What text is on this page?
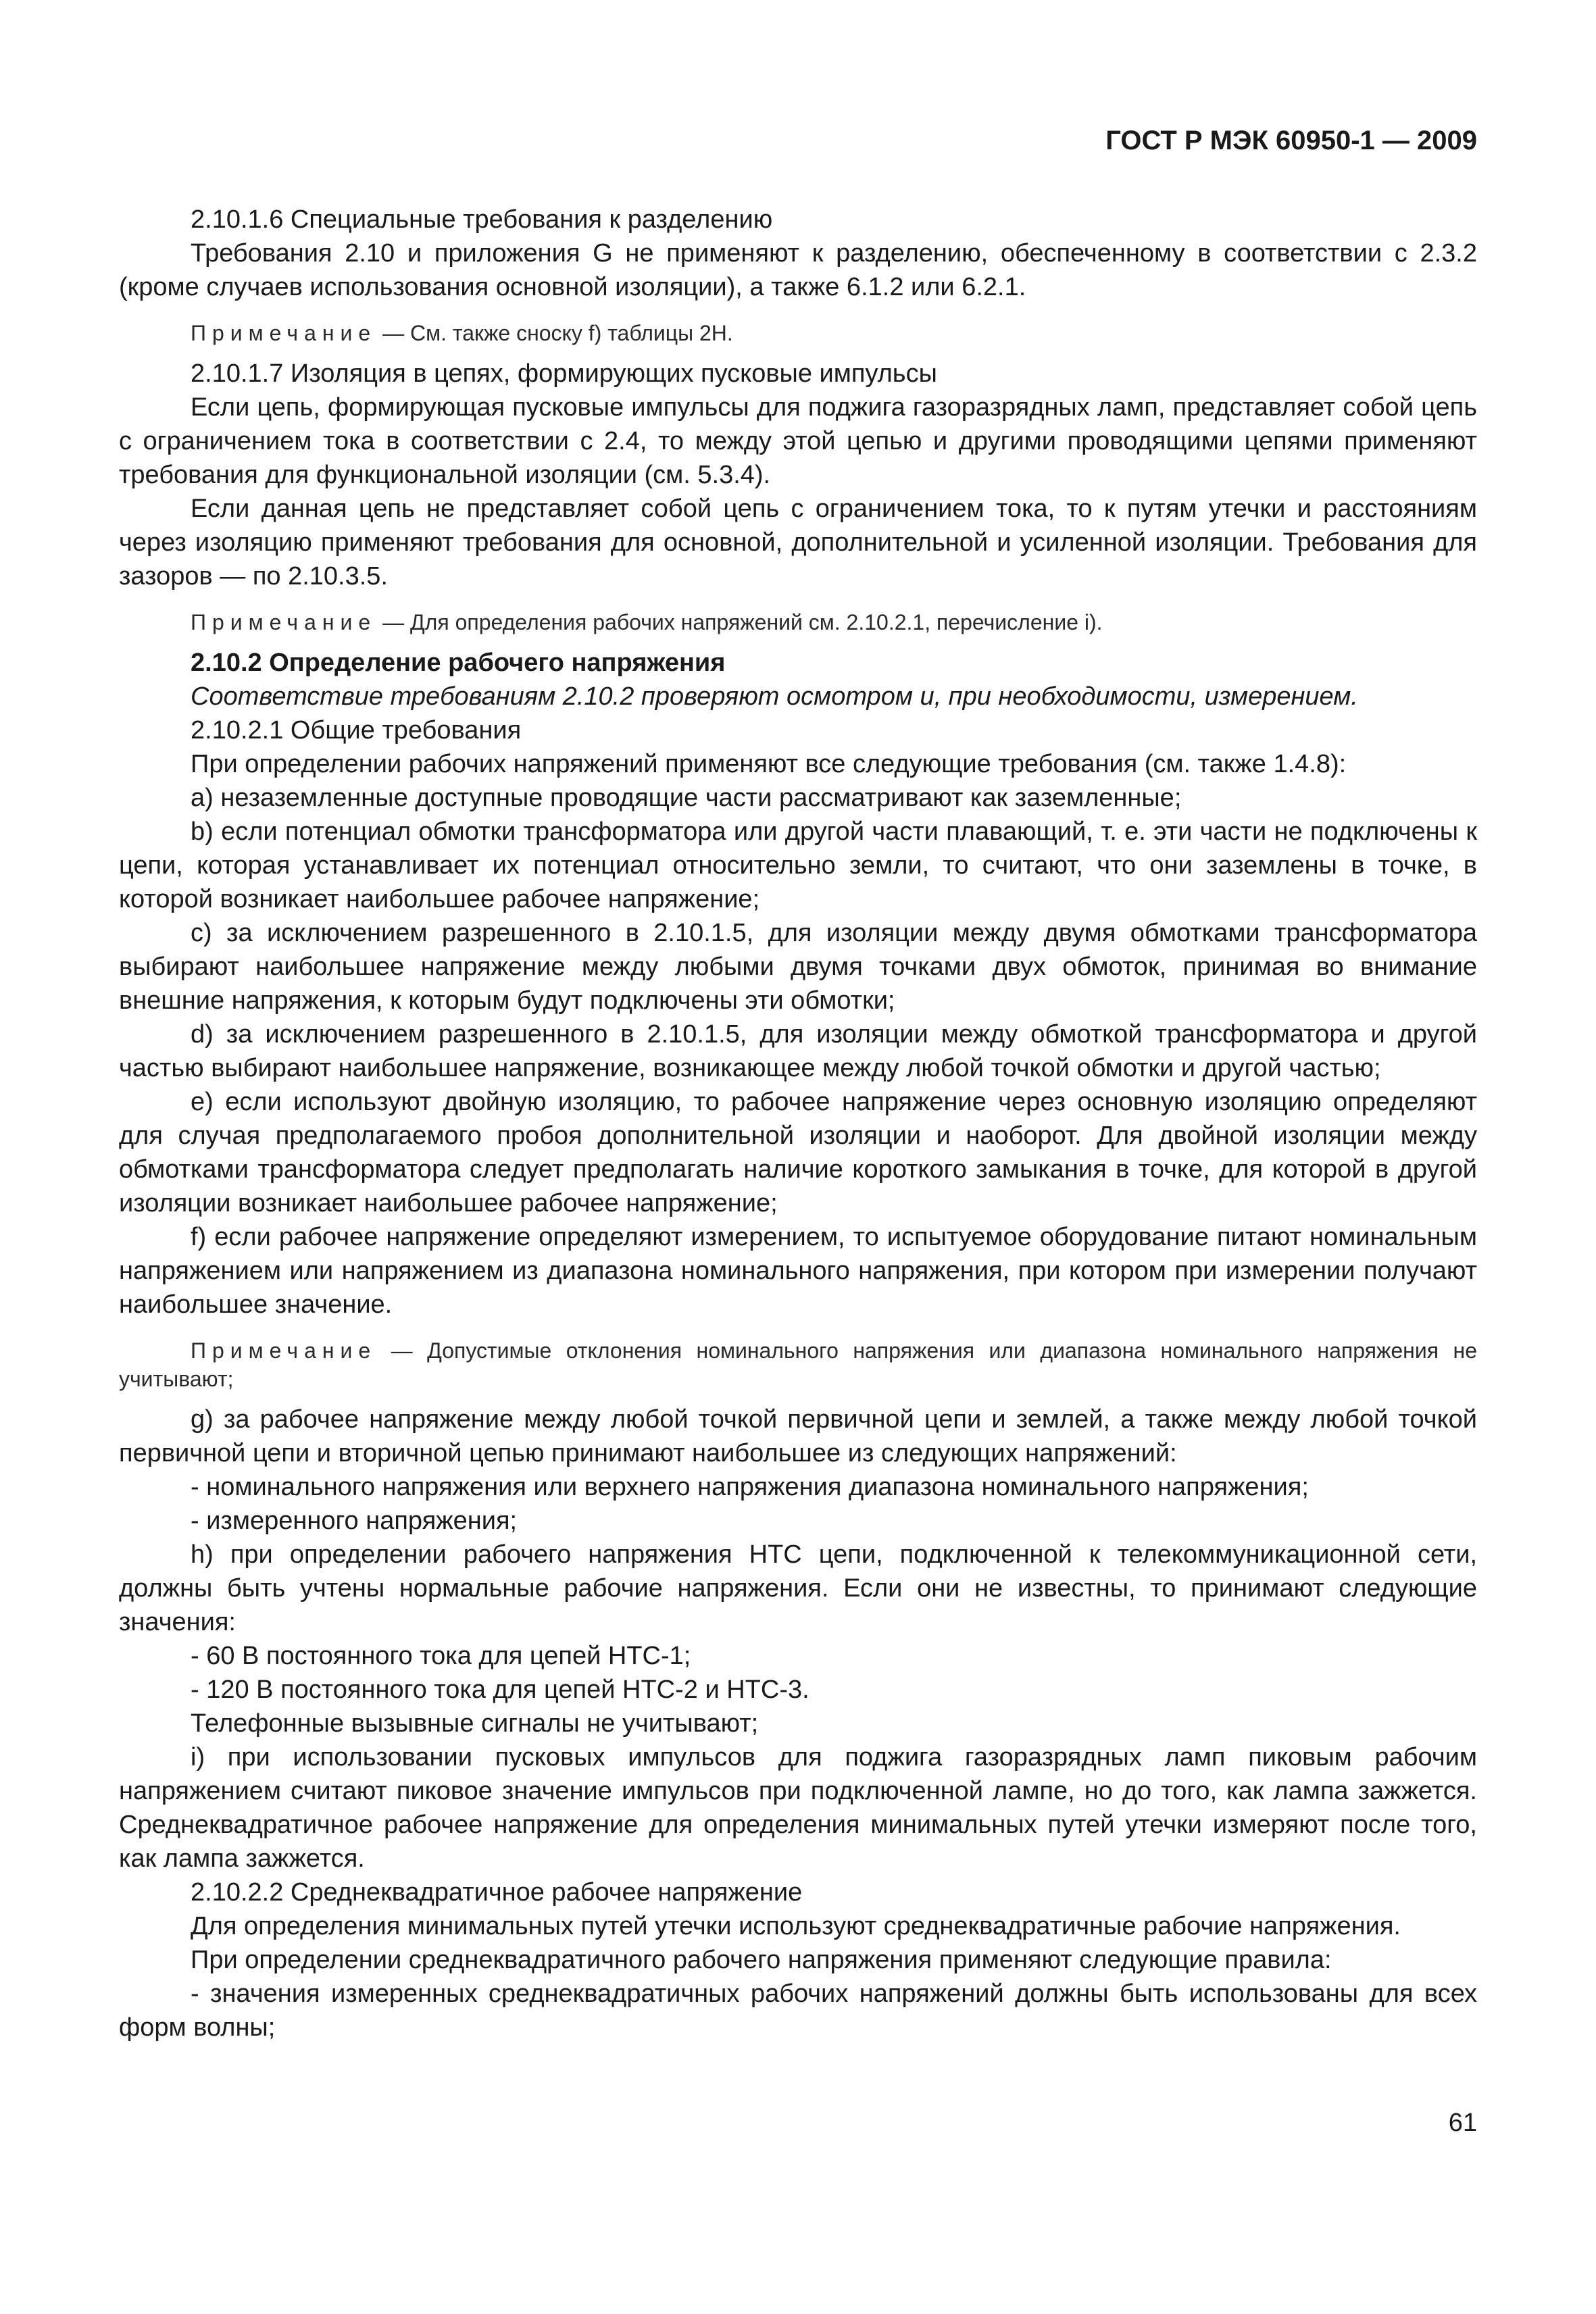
ГОСТ Р МЭК 60950-1 — 2009

2.10.1.6 Специальные требования к разделению

Требования 2.10 и приложения G не применяют к разделению, обеспеченному в соответствии с 2.3.2 (кроме случаев использования основной изоляции), а также 6.1.2 или 6.2.1.

Примечание — См. также сноску f) таблицы 2Н.

2.10.1.7 Изоляция в цепях, формирующих пусковые импульсы

Если цепь, формирующая пусковые импульсы для поджига газоразрядных ламп, представляет собой цепь с ограничением тока в соответствии с 2.4, то между этой цепью и другими проводящими цепями применяют требования для функциональной изоляции (см. 5.3.4).

Если данная цепь не представляет собой цепь с ограничением тока, то к путям утечки и расстояниям через изоляцию применяют требования для основной, дополнительной и усиленной изоляции. Требования для зазоров — по 2.10.3.5.

Примечание — Для определения рабочих напряжений см. 2.10.2.1, перечисление i).

2.10.2 Определение рабочего напряжения

Соответствие требованиям 2.10.2 проверяют осмотром и, при необходимости, измерением.

2.10.2.1 Общие требования

При определении рабочих напряжений применяют все следующие требования (см. также 1.4.8):

a) незаземленные доступные проводящие части рассматривают как заземленные;

b) если потенциал обмотки трансформатора или другой части плавающий, т. е. эти части не подключены к цепи, которая устанавливает их потенциал относительно земли, то считают, что они заземлены в точке, в которой возникает наибольшее рабочее напряжение;

c) за исключением разрешенного в 2.10.1.5, для изоляции между двумя обмотками трансформатора выбирают наибольшее напряжение между любыми двумя точками двух обмоток, принимая во внимание внешние напряжения, к которым будут подключены эти обмотки;

d) за исключением разрешенного в 2.10.1.5, для изоляции между обмоткой трансформатора и другой частью выбирают наибольшее напряжение, возникающее между любой точкой обмотки и другой частью;

e) если используют двойную изоляцию, то рабочее напряжение через основную изоляцию определяют для случая предполагаемого пробоя дополнительной изоляции и наоборот. Для двойной изоляции между обмотками трансформатора следует предполагать наличие короткого замыкания в точке, для которой в другой изоляции возникает наибольшее рабочее напряжение;

f) если рабочее напряжение определяют измерением, то испытуемое оборудование питают номинальным напряжением или напряжением из диапазона номинального напряжения, при котором при измерении получают наибольшее значение.

Примечание — Допустимые отклонения номинального напряжения или диапазона номинального напряжения не учитывают;

g) за рабочее напряжение между любой точкой первичной цепи и землей, а также между любой точкой первичной цепи и вторичной цепью принимают наибольшее из следующих напряжений:

- номинального напряжения или верхнего напряжения диапазона номинального напряжения;

- измеренного напряжения;

h) при определении рабочего напряжения НТС цепи, подключенной к телекоммуникационной сети, должны быть учтены нормальные рабочие напряжения. Если они не известны, то принимают следующие значения:

- 60 В постоянного тока для цепей НТС-1;

- 120 В постоянного тока для цепей НТС-2 и НТС-3.

Телефонные вызывные сигналы не учитывают;

i) при использовании пусковых импульсов для поджига газоразрядных ламп пиковым рабочим напряжением считают пиковое значение импульсов при подключенной лампе, но до того, как лампа зажжется. Среднеквадратичное рабочее напряжение для определения минимальных путей утечки измеряют после того, как лампа зажжется.

2.10.2.2 Среднеквадратичное рабочее напряжение

Для определения минимальных путей утечки используют среднеквадратичные рабочие напряжения.

При определении среднеквадратичного рабочего напряжения применяют следующие правила:

- значения измеренных среднеквадратичных рабочих напряжений должны быть использованы для всех форм волны;

61
